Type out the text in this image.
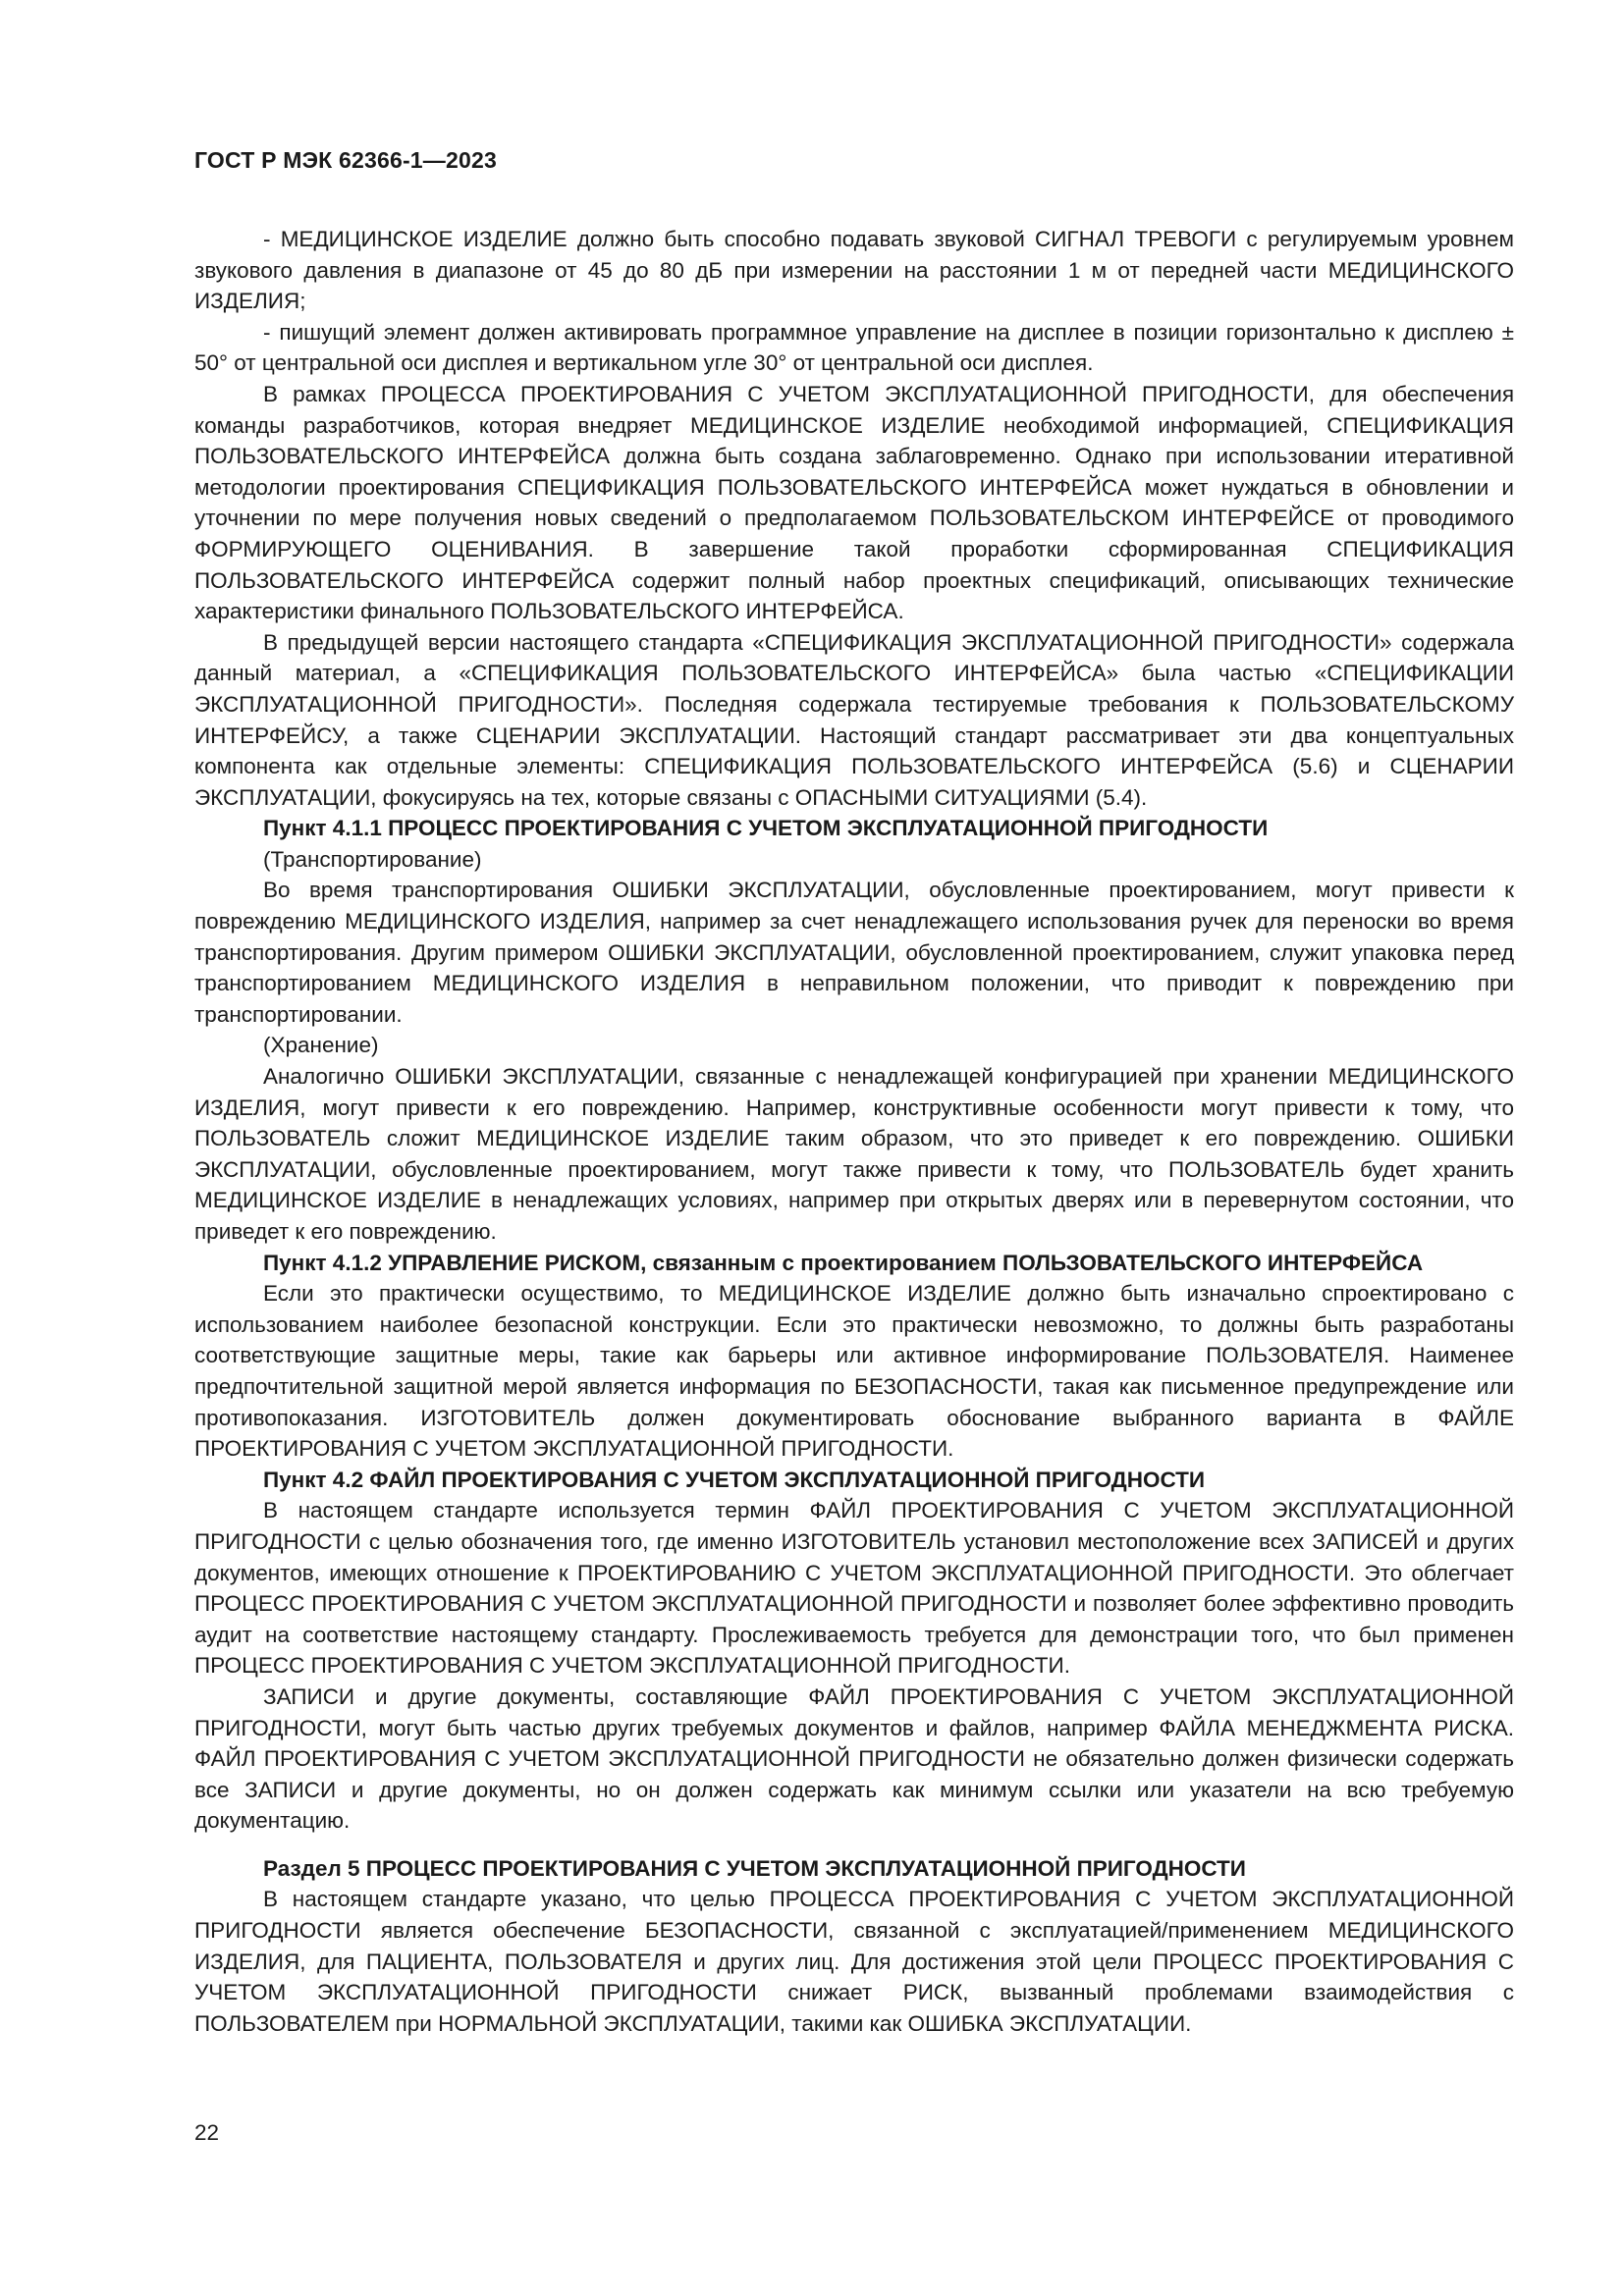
ГОСТ Р МЭК 62366-1—2023

- МЕДИЦИНСКОЕ ИЗДЕЛИЕ должно быть способно подавать звуковой СИГНАЛ ТРЕВОГИ с регулируемым уровнем звукового давления в диапазоне от 45 до 80 дБ при измерении на расстоянии 1 м от передней части МЕДИЦИНСКОГО ИЗДЕЛИЯ;

- пишущий элемент должен активировать программное управление на дисплее в позиции горизонтально к дисплею ± 50° от центральной оси дисплея и вертикальном угле 30° от центральной оси дисплея.

В рамках ПРОЦЕССА ПРОЕКТИРОВАНИЯ С УЧЕТОМ ЭКСПЛУАТАЦИОННОЙ ПРИГОДНОСТИ, для обеспечения команды разработчиков, которая внедряет МЕДИЦИНСКОЕ ИЗДЕЛИЕ необходимой информацией, СПЕЦИФИКАЦИЯ ПОЛЬЗОВАТЕЛЬСКОГО ИНТЕРФЕЙСА должна быть создана заблаговременно. Однако при использовании итеративной методологии проектирования СПЕЦИФИКАЦИЯ ПОЛЬЗОВАТЕЛЬСКОГО ИНТЕРФЕЙСА может нуждаться в обновлении и уточнении по мере получения новых сведений о предполагаемом ПОЛЬЗОВАТЕЛЬСКОМ ИНТЕРФЕЙСЕ от проводимого ФОРМИРУЮЩЕГО ОЦЕНИВАНИЯ. В завершение такой проработки сформированная СПЕЦИФИКАЦИЯ ПОЛЬЗОВАТЕЛЬСКОГО ИНТЕРФЕЙСА содержит полный набор проектных спецификаций, описывающих технические характеристики финального ПОЛЬЗОВАТЕЛЬСКОГО ИНТЕРФЕЙСА.

В предыдущей версии настоящего стандарта «СПЕЦИФИКАЦИЯ ЭКСПЛУАТАЦИОННОЙ ПРИГОДНОСТИ» содержала данный материал, а «СПЕЦИФИКАЦИЯ ПОЛЬЗОВАТЕЛЬСКОГО ИНТЕРФЕЙСА» была частью «СПЕЦИФИКАЦИИ ЭКСПЛУАТАЦИОННОЙ ПРИГОДНОСТИ». Последняя содержала тестируемые требования к ПОЛЬЗОВАТЕЛЬСКОМУ ИНТЕРФЕЙСУ, а также СЦЕНАРИИ ЭКСПЛУАТАЦИИ. Настоящий стандарт рассматривает эти два концептуальных компонента как отдельные элементы: СПЕЦИФИКАЦИЯ ПОЛЬЗОВАТЕЛЬСКОГО ИНТЕРФЕЙСА (5.6) и СЦЕНАРИИ ЭКСПЛУАТАЦИИ, фокусируясь на тех, которые связаны с ОПАСНЫМИ СИТУАЦИЯМИ (5.4).

Пункт 4.1.1 ПРОЦЕСС ПРОЕКТИРОВАНИЯ С УЧЕТОМ ЭКСПЛУАТАЦИОННОЙ ПРИГОДНОСТИ

(Транспортирование)

Во время транспортирования ОШИБКИ ЭКСПЛУАТАЦИИ, обусловленные проектированием, могут привести к повреждению МЕДИЦИНСКОГО ИЗДЕЛИЯ, например за счет ненадлежащего использования ручек для переноски во время транспортирования. Другим примером ОШИБКИ ЭКСПЛУАТАЦИИ, обусловленной проектированием, служит упаковка перед транспортированием МЕДИЦИНСКОГО ИЗДЕЛИЯ в неправильном положении, что приводит к повреждению при транспортировании.

(Хранение)

Аналогично ОШИБКИ ЭКСПЛУАТАЦИИ, связанные с ненадлежащей конфигурацией при хранении МЕДИЦИНСКОГО ИЗДЕЛИЯ, могут привести к его повреждению. Например, конструктивные особенности могут привести к тому, что ПОЛЬЗОВАТЕЛЬ сложит МЕДИЦИНСКОЕ ИЗДЕЛИЕ таким образом, что это приведет к его повреждению. ОШИБКИ ЭКСПЛУАТАЦИИ, обусловленные проектированием, могут также привести к тому, что ПОЛЬЗОВАТЕЛЬ будет хранить МЕДИЦИНСКОЕ ИЗДЕЛИЕ в ненадлежащих условиях, например при открытых дверях или в перевернутом состоянии, что приведет к его повреждению.

Пункт 4.1.2 УПРАВЛЕНИЕ РИСКОМ, связанным с проектированием ПОЛЬЗОВАТЕЛЬСКОГО ИНТЕРФЕЙСА

Если это практически осуществимо, то МЕДИЦИНСКОЕ ИЗДЕЛИЕ должно быть изначально спроектировано с использованием наиболее безопасной конструкции. Если это практически невозможно, то должны быть разработаны соответствующие защитные меры, такие как барьеры или активное информирование ПОЛЬЗОВАТЕЛЯ. Наименее предпочтительной защитной мерой является информация по БЕЗОПАСНОСТИ, такая как письменное предупреждение или противопоказания. ИЗГОТОВИТЕЛЬ должен документировать обоснование выбранного варианта в ФАЙЛЕ ПРОЕКТИРОВАНИЯ С УЧЕТОМ ЭКСПЛУАТАЦИОННОЙ ПРИГОДНОСТИ.

Пункт 4.2 ФАЙЛ ПРОЕКТИРОВАНИЯ С УЧЕТОМ ЭКСПЛУАТАЦИОННОЙ ПРИГОДНОСТИ

В настоящем стандарте используется термин ФАЙЛ ПРОЕКТИРОВАНИЯ С УЧЕТОМ ЭКСПЛУАТАЦИОННОЙ ПРИГОДНОСТИ с целью обозначения того, где именно ИЗГОТОВИТЕЛЬ установил местоположение всех ЗАПИСЕЙ и других документов, имеющих отношение к ПРОЕКТИРОВАНИЮ С УЧЕТОМ ЭКСПЛУАТАЦИОННОЙ ПРИГОДНОСТИ. Это облегчает ПРОЦЕСС ПРОЕКТИРОВАНИЯ С УЧЕТОМ ЭКСПЛУАТАЦИОННОЙ ПРИГОДНОСТИ и позволяет более эффективно проводить аудит на соответствие настоящему стандарту. Прослеживаемость требуется для демонстрации того, что был применен ПРОЦЕСС ПРОЕКТИРОВАНИЯ С УЧЕТОМ ЭКСПЛУАТАЦИОННОЙ ПРИГОДНОСТИ.

ЗАПИСИ и другие документы, составляющие ФАЙЛ ПРОЕКТИРОВАНИЯ С УЧЕТОМ ЭКСПЛУАТАЦИОННОЙ ПРИГОДНОСТИ, могут быть частью других требуемых документов и файлов, например ФАЙЛА МЕНЕДЖМЕНТА РИСКА. ФАЙЛ ПРОЕКТИРОВАНИЯ С УЧЕТОМ ЭКСПЛУАТАЦИОННОЙ ПРИГОДНОСТИ не обязательно должен физически содержать все ЗАПИСИ и другие документы, но он должен содержать как минимум ссылки или указатели на всю требуемую документацию.

Раздел 5 ПРОЦЕСС ПРОЕКТИРОВАНИЯ С УЧЕТОМ ЭКСПЛУАТАЦИОННОЙ ПРИГОДНОСТИ

В настоящем стандарте указано, что целью ПРОЦЕССА ПРОЕКТИРОВАНИЯ С УЧЕТОМ ЭКСПЛУАТАЦИОННОЙ ПРИГОДНОСТИ является обеспечение БЕЗОПАСНОСТИ, связанной с эксплуатацией/применением МЕДИЦИНСКОГО ИЗДЕЛИЯ, для ПАЦИЕНТА, ПОЛЬЗОВАТЕЛЯ и других лиц. Для достижения этой цели ПРОЦЕСС ПРОЕКТИРОВАНИЯ С УЧЕТОМ ЭКСПЛУАТАЦИОННОЙ ПРИГОДНОСТИ снижает РИСК, вызванный проблемами взаимодействия с ПОЛЬЗОВАТЕЛЕМ при НОРМАЛЬНОЙ ЭКСПЛУАТАЦИИ, такими как ОШИБКА ЭКСПЛУАТАЦИИ.

22
